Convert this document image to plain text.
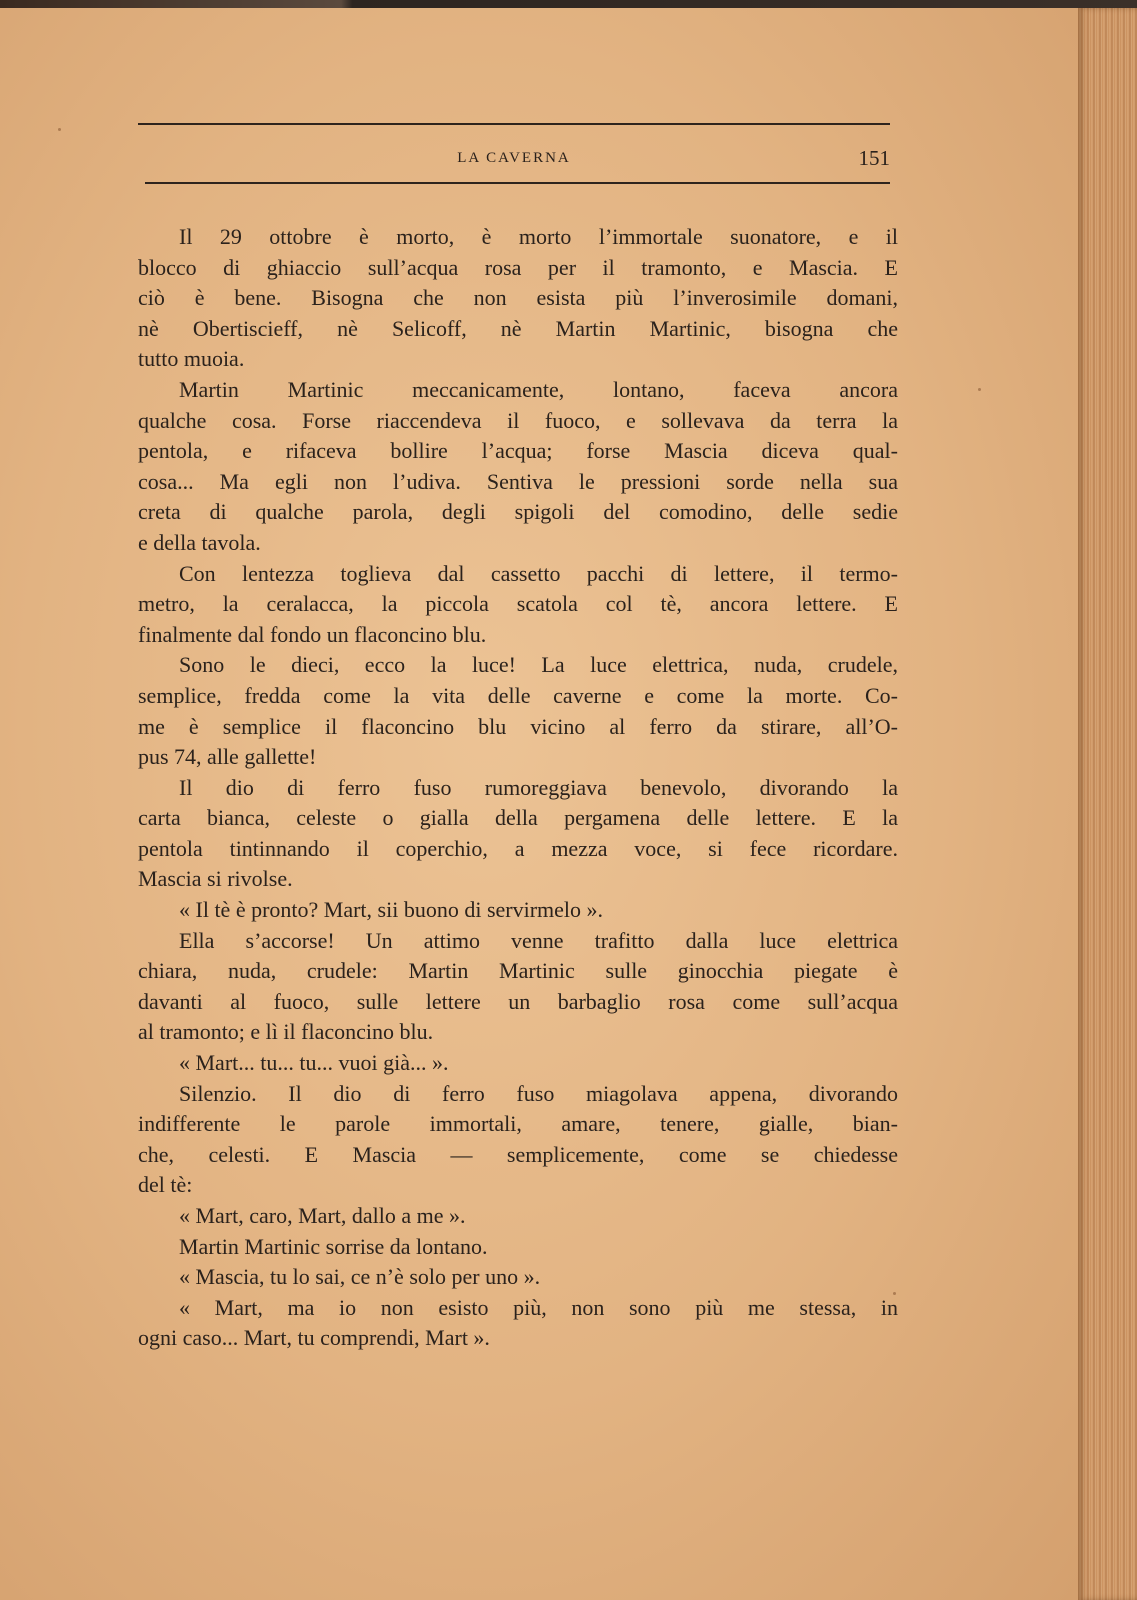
LA CAVERNA	151
Il 29 ottobre è morto, è morto l’immortale suonatore, e il
blocco di ghiaccio sull’acqua rosa per il tramonto, e Mascia. E
ciò è bene. Bisogna che non esista più l’inverosimile domani,
nè Obertiscieff, nè Selicoff, nè Martin Martinic, bisogna che
tutto muoia.
Martin Martinic meccanicamente, lontano, faceva ancora
qualche cosa. Forse riaccendeva il fuoco, e sollevava da terra la
pentola, e rifaceva bollire l’acqua; forse Mascia diceva qual-
cosa... Ma egli non l’udiva. Sentiva le pressioni sorde nella sua
creta di qualche parola, degli spigoli del comodino, delle sedie
e della tavola.
Con lentezza toglieva dal cassetto pacchi di lettere, il termo-
metro, la ceralacca, la piccola scatola col tè, ancora lettere. E
finalmente dal fondo un flaconcino blu.
Sono le dieci, ecco la luce! La luce elettrica, nuda, crudele,
semplice, fredda come la vita delle caverne e come la morte. Co-
me è semplice il flaconcino blu vicino al ferro da stirare, all’O-
pus 74, alle gallette!
Il dio di ferro fuso rumoreggiava benevolo, divorando la
carta bianca, celeste o gialla della pergamena delle lettere. E la
pentola tintinnando il coperchio, a mezza voce, si fece ricordare.
Mascia si rivolse.
« Il tè è pronto? Mart, sii buono di servirmelo ».
Ella s’accorse! Un attimo venne trafitto dalla luce elettrica
chiara, nuda, crudele: Martin Martinic sulle ginocchia piegate è
davanti al fuoco, sulle lettere un barbaglio rosa come sull’acqua
al tramonto; e lì il flaconcino blu.
« Mart... tu... tu... vuoi già... ».
Silenzio. Il dio di ferro fuso miagolava appena, divorando
indifferente le parole immortali, amare, tenere, gialle, bian-
che, celesti. E Mascia — semplicemente, come se chiedesse
del tè:
« Mart, caro, Mart, dallo a me ».
Martin Martinic sorrise da lontano.
« Mascia, tu lo sai, ce n’è solo per uno ».
« Mart, ma io non esisto più, non sono più me stessa, in
ogni caso... Mart, tu comprendi, Mart ».
